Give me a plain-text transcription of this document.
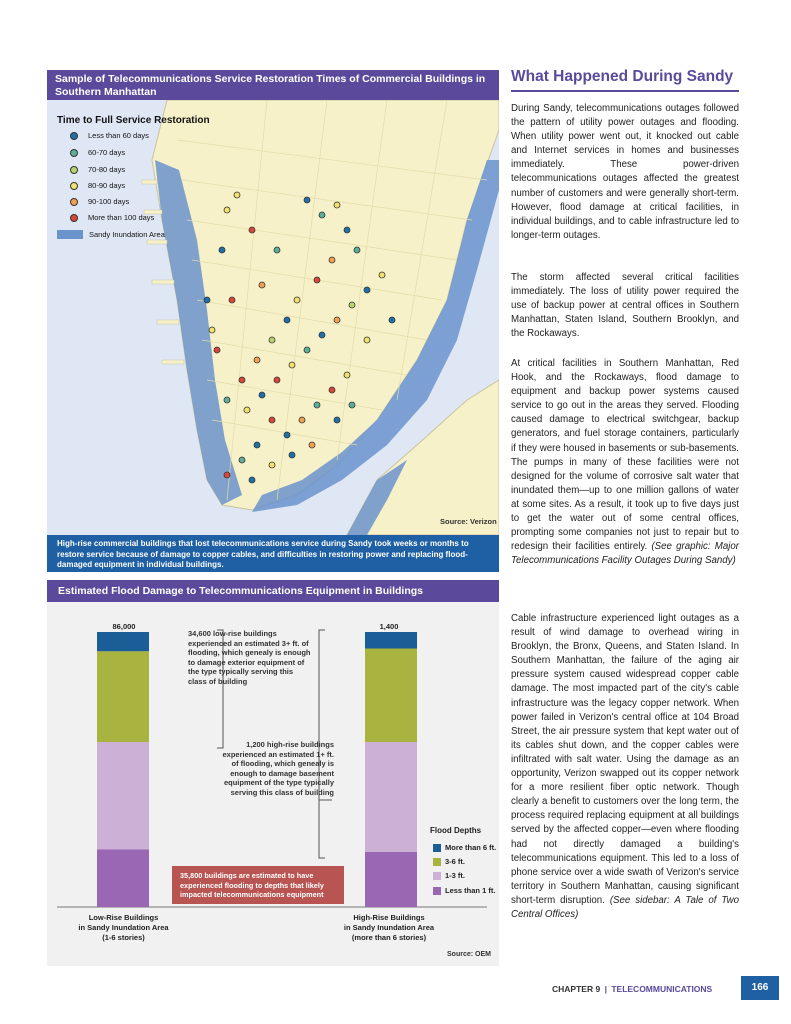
Sample of Telecommunications Service Restoration Times of Commercial Buildings in Southern Manhattan
Time to Full Service Restoration
Less than 60 days
60-70 days
70-80 days
80-90 days
90-100 days
More than 100 days
Sandy Inundation Area
Source: Verizon
High-rise commercial buildings that lost telecommunications service during Sandy took weeks or months to restore service because of damage to copper cables, and difficulties in restoring power and replacing flood-damaged equipment in individual buildings.
Estimated Flood Damage to Telecommunications Equipment in Buildings
86,000	1,400
34,600 low-rise buildings experienced an estimated 3+ ft. of flooding, which genealy is enough to damage exterior equipment of the type typically serving this class of building
1,200 high-rise buildings experienced an estimated 1+ ft. of flooding, which genealy is enough to damage basement equipment of the type typically serving this class of building
35,800 buildings are estimated to have experienced flooding to depths that likely impacted telecommunications equipment
Flood Depths
More than 6 ft.
3-6 ft.
1-3 ft.
Less than 1 ft.
Low-Rise Buildings
in Sandy Inundation Area
(1-6 stories)
High-Rise Buildings
in Sandy Inundation Area
(more than 6 stories)
Source: OEM
What Happened During Sandy
During Sandy, telecommunications outages followed the pattern of utility power outages and flooding. When utility power went out, it knocked out cable and Internet services in homes and businesses immediately. These power-driven telecommunications outages affected the greatest number of customers and were generally short-term. However, flood damage at critical facilities, in individual buildings, and to cable infrastructure led to longer-term outages.
The storm affected several critical facilities immediately. The loss of utility power required the use of backup power at central offices in Southern Manhattan, Staten Island, Southern Brooklyn, and the Rockaways.
At critical facilities in Southern Manhattan, Red Hook, and the Rockaways, flood damage to equipment and backup power systems caused service to go out in the areas they served. Flooding caused damage to electrical switchgear, backup generators, and fuel storage containers, particularly if they were housed in basements or sub-basements. The pumps in many of these facilities were not designed for the volume of corrosive salt water that inundated them—up to one million gallons of water at some sites. As a result, it took up to five days just to get the water out of some central offices, prompting some companies not just to repair but to redesign their facilities entirely. (See graphic: Major Telecommunications Facility Outages During Sandy)
Cable infrastructure experienced light outages as a result of wind damage to overhead wiring in Brooklyn, the Bronx, Queens, and Staten Island. In Southern Manhattan, the failure of the aging air pressure system caused widespread copper cable damage. The most impacted part of the city's cable infrastructure was the legacy copper network. When power failed in Verizon's central office at 104 Broad Street, the air pressure system that kept water out of its cables shut down, and the copper cables were infiltrated with salt water. Using the damage as an opportunity, Verizon swapped out its copper network for a more resilient fiber optic network. Though clearly a benefit to customers over the long term, the process required replacing equipment at all buildings served by the affected copper—even where flooding had not directly damaged a building's telecommunications equipment. This led to a loss of phone service over a wide swath of Verizon's service territory in Southern Manhattan, causing significant short-term disruption. (See sidebar: A Tale of Two Central Offices)
CHAPTER 9 | TELECOMMUNICATIONS	166
